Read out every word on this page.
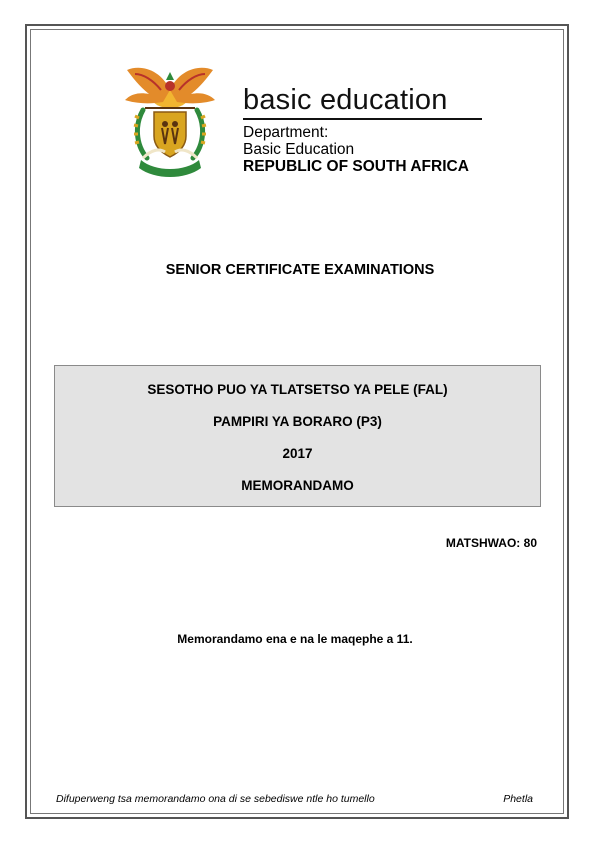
basic education
Department:
Basic Education
REPUBLIC OF SOUTH AFRICA
SENIOR CERTIFICATE EXAMINATIONS
SESOTHO PUO YA TLATSETSO YA PELE (FAL)
PAMPIRI YA BORARO (P3)
2017
MEMORANDAMO
MATSHWAO: 80
Memorandamo ena e na le maqephe a 11.
Difuperweng tsa memorandamo ona di se sebediswe ntle ho tumello	Phetla
